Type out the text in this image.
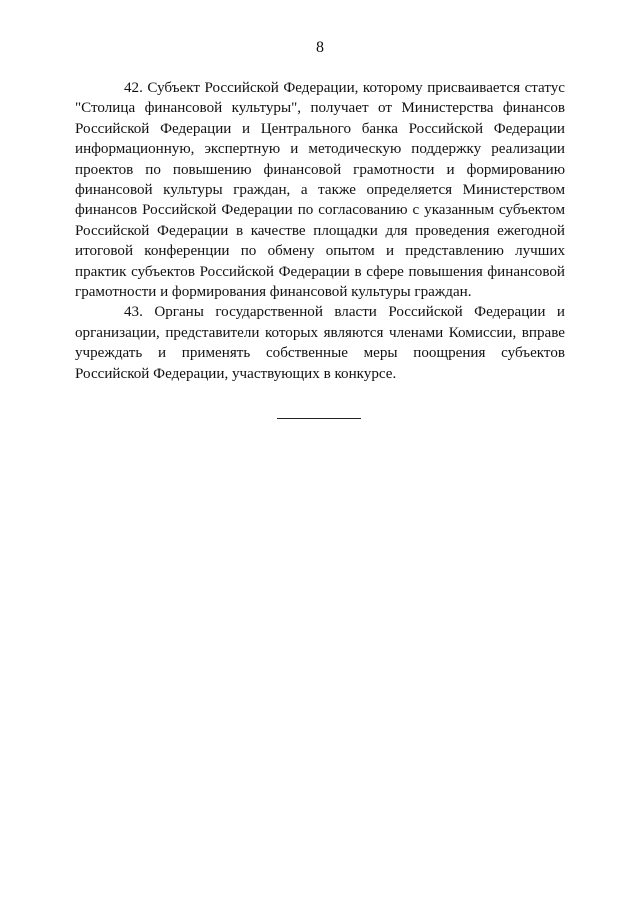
8

42. Субъект Российской Федерации, которому присваивается статус "Столица финансовой культуры", получает от Министерства финансов Российской Федерации и Центрального банка Российской Федерации информационную, экспертную и методическую поддержку реализации проектов по повышению финансовой грамотности и формированию финансовой культуры граждан, а также определяется Министерством финансов Российской Федерации по согласованию с указанным субъектом Российской Федерации в качестве площадки для проведения ежегодной итоговой конференции по обмену опытом и представлению лучших практик субъектов Российской Федерации в сфере повышения финансовой грамотности и формирования финансовой культуры граждан.

43. Органы государственной власти Российской Федерации и организации, представители которых являются членами Комиссии, вправе учреждать и применять собственные меры поощрения субъектов Российской Федерации, участвующих в конкурсе.
